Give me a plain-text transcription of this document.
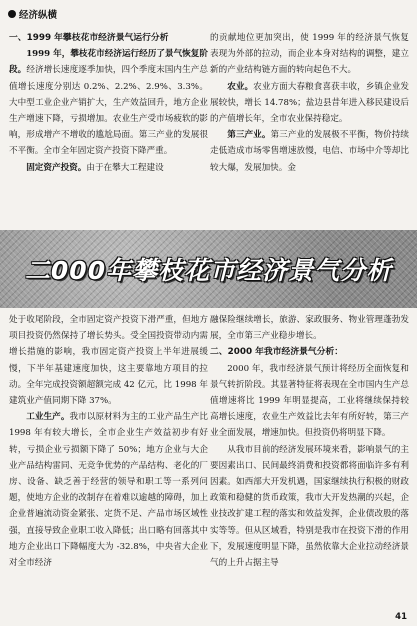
经济纵横

一、1999 年攀枝花市经济景气运行分析

1999 年，攀枝花市经济运行经历了景气恢复阶段。经济增长速度逐季加快，四个季度末国内生产总值增长速度分别达 0.2%、2.2%、2.9%、3.3%。大中型工业企业产销扩大，生产效益回升，地方企业生产增速下降，亏损增加。农业生产受市场疲软的影响，形成增产不增收的尴尬局面。第三产业的发展很不平衡。全市全年固定资产投资下降严重。

固定资产投资。由于在攀大工程建设

的贡献地位更加突出，使 1999 年的经济景气恢复表现为外部的拉动，而企业本身对结构的调整，建立新的产业结构链方面的转向起色不大。

农业。农业方面大春粮食喜获丰收，乡镇企业发展较快，增长 14.78%；盐边县昔年进入移民建设后的产值增长年，全市农业保持稳定。

第三产业。第三产业的发展极不平衡，物价持续走低造成市场零售增速放慢，电信、市场中介等却比较大爆，发展加快。金

二000年攀枝花市经济景气分析

处于收尾阶段，全市固定资产投资下滑严重，但地方项目投资仍然保持了增长势头。受全国投资带动内需增长措施的影响，我市固定资产投资上半年进展缓慢，下半年基建速度加快，这主要靠地方项目的拉动。全年完成投资额超额完成 42 亿元，比 1998 年建筑业产值同期下降 37%。

工业生产。我市以原材料为主的工业产品生产比 1998 年有较大增长，全市企业生产效益初步有好转，亏损企业亏损额下降了 50%；地方企业与大企业产品结构雷同、无竞争优势的产品结构、老化的厂房、设备、缺乏善于经营的领导和职工等一系列问题，使地方企业的改制存在着难以逾越的障碍，加上企业普遍流动资金紧张、定货不足、产品市场区域性强，直接导致企业职工收入降低；出口略有回落其中地方企业出口下降幅度大为 -32.8%，中央省大企业对全市经济

融保险继续增长，旅游、家政服务、物业管理蓬勃发展，全市第三产业稳步增长。

二、2000 年我市经济景气分析：

2000 年，我市经济景气预计将经历全面恢复和景气转折阶段。其显著特征将表现在全市国内生产总值增速将比 1999 年明显提高，工业将继续保持较高增长速度，农业生产效益比去年有所好转，第三产业全面发展，增速加快。但投资仍将明显下降。

从我市目前的经济发展环境来看，影响景气的主要因素出口、民间最终消费和投资都将面临许多有利因素。如西部大开发机遇，国家继续执行积极的财政政策和稳健的货币政策，我市大开发热潮的兴起，企业技改扩建工程的落实和效益发挥，企业债改股的落实等等。但从区域看，特别是我市在投资下滑的作用下，发展速度明显下降，虽然依靠大企业拉动经济景气的上升占据主导

41
